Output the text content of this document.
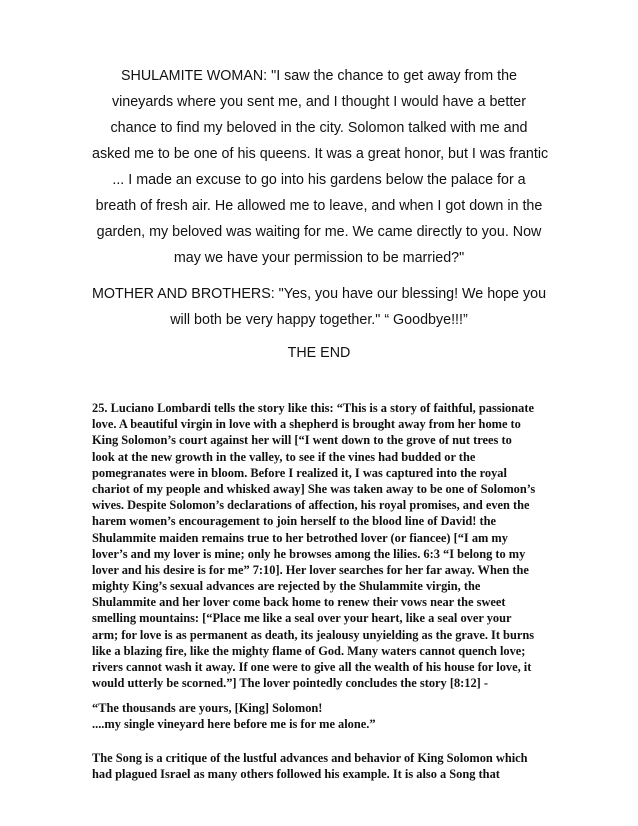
SHULAMITE WOMAN: "I saw the chance to get away from the
vineyards where you sent me, and I thought I would have a better
chance to find my beloved in the city. Solomon talked with me and
asked me to be one of his queens. It was a great honor, but I was frantic
... I made an excuse to go into his gardens below the palace for a
breath of fresh air. He allowed me to leave, and when I got down in the
garden, my beloved was waiting for me. We came directly to you. Now
may we have your permission to be married?"
MOTHER AND BROTHERS: "Yes, you have our blessing! We hope you
will both be very happy together." “ Goodbye!!!”
THE END
25. Luciano Lombardi tells the story like this: “This is a story of faithful, passionate
love. A beautiful virgin in love with a shepherd is brought away from her home to
King Solomon’s court against her will [“I went down to the grove of nut trees to
look at the new growth in the valley, to see if the vines had budded or the
pomegranates were in bloom. Before I realized it, I was captured into the royal
chariot of my people and whisked away] She was taken away to be one of Solomon’s
wives. Despite Solomon’s declarations of affection, his royal promises, and even the
harem women’s encouragement to join herself to the blood line of David! the
Shulammite maiden remains true to her betrothed lover (or fiancee) [“I am my
lover’s and my lover is mine; only he browses among the lilies. 6:3 “I belong to my
lover and his desire is for me” 7:10]. Her lover searches for her far away. When the
mighty King’s sexual advances are rejected by the Shulammite virgin, the
Shulammite and her lover come back home to renew their vows near the sweet
smelling mountains: [“Place me like a seal over your heart, like a seal over your
arm; for love is as permanent as death, its jealousy unyielding as the grave. It burns
like a blazing fire, like the mighty flame of God. Many waters cannot quench love;
rivers cannot wash it away. If one were to give all the wealth of his house for love, it
would utterly be scorned.”] The lover pointedly concludes the story [8:12] -
“The thousands are yours, [King] Solomon!
....my single vineyard here before me is for me alone.”
The Song is a critique of the lustful advances and behavior of King Solomon which
had plagued Israel as many others followed his example. It is also a Song that
